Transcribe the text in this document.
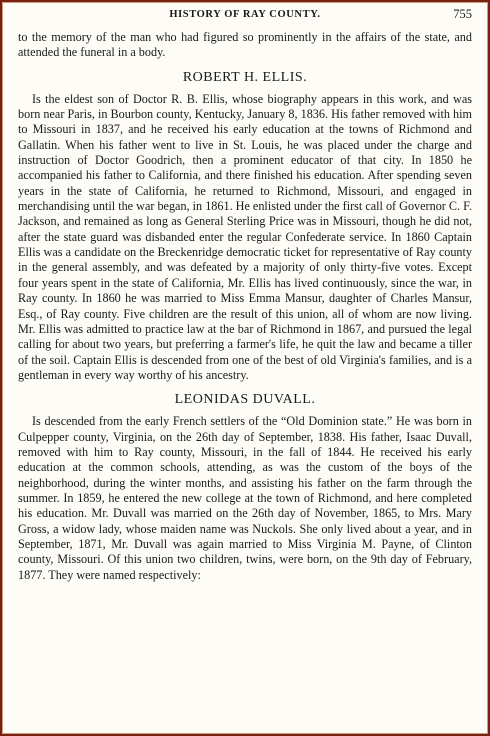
HISTORY OF RAY COUNTY.	755

to the memory of the man who had figured so prominently in the affairs of the state, and attended the funeral in a body.

ROBERT H. ELLIS.

Is the eldest son of Doctor R. B. Ellis, whose biography appears in this work, and was born near Paris, in Bourbon county, Kentucky, January 8, 1836. His father removed with him to Missouri in 1837, and he received his early education at the towns of Richmond and Gallatin. When his father went to live in St. Louis, he was placed under the charge and instruction of Doctor Goodrich, then a prominent educator of that city. In 1850 he accompanied his father to California, and there finished his education. After spending seven years in the state of California, he returned to Richmond, Missouri, and engaged in merchandising until the war began, in 1861. He enlisted under the first call of Governor C. F. Jackson, and remained as long as General Sterling Price was in Missouri, though he did not, after the state guard was disbanded enter the regular Confederate service. In 1860 Captain Ellis was a candidate on the Breckenridge democratic ticket for representative of Ray county in the general assembly, and was defeated by a majority of only thirty-five votes. Except four years spent in the state of California, Mr. Ellis has lived continuously, since the war, in Ray county. In 1860 he was married to Miss Emma Mansur, daughter of Charles Mansur, Esq., of Ray county. Five children are the result of this union, all of whom are now living. Mr. Ellis was admitted to practice law at the bar of Richmond in 1867, and pursued the legal calling for about two years, but preferring a farmer's life, he quit the law and became a tiller of the soil. Captain Ellis is descended from one of the best of old Virginia's families, and is a gentleman in every way worthy of his ancestry.

LEONIDAS DUVALL.

Is descended from the early French settlers of the “Old Dominion state.” He was born in Culpepper county, Virginia, on the 26th day of September, 1838. His father, Isaac Duvall, removed with him to Ray county, Missouri, in the fall of 1844. He received his early education at the common schools, attending, as was the custom of the boys of the neighborhood, during the winter months, and assisting his father on the farm through the summer. In 1859, he entered the new college at the town of Richmond, and here completed his education. Mr. Duvall was married on the 26th day of November, 1865, to Mrs. Mary Gross, a widow lady, whose maiden name was Nuckols. She only lived about a year, and in September, 1871, Mr. Duvall was again married to Miss Virginia M. Payne, of Clinton county, Missouri. Of this union two children, twins, were born, on the 9th day of February, 1877. They were named respectively:
